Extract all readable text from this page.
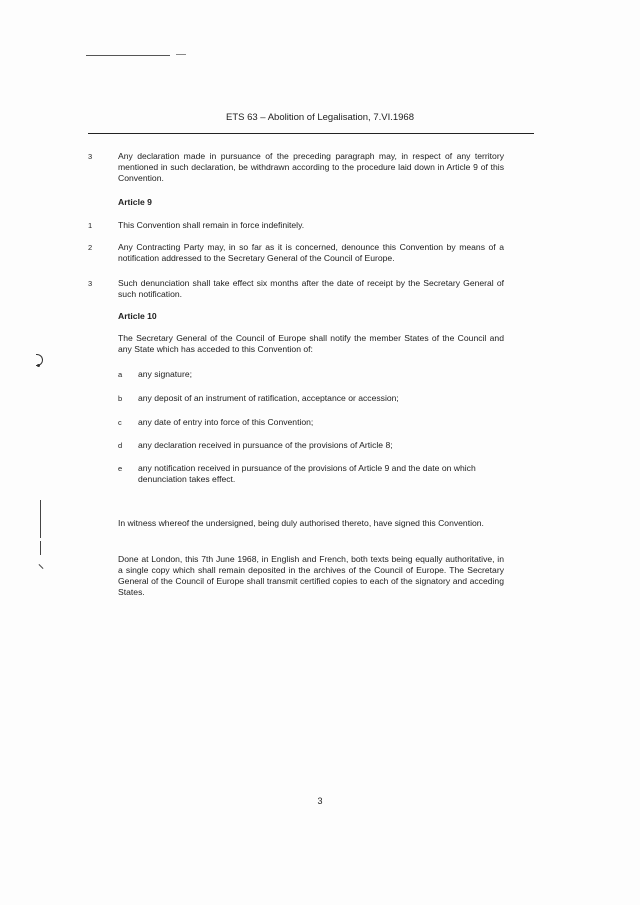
ETS 63 – Abolition of Legalisation, 7.VI.1968
3	Any declaration made in pursuance of the preceding paragraph may, in respect of any territory mentioned in such declaration, be withdrawn according to the procedure laid down in Article 9 of this Convention.
Article 9
1	This Convention shall remain in force indefinitely.
2	Any Contracting Party may, in so far as it is concerned, denounce this Convention by means of a notification addressed to the Secretary General of the Council of Europe.
3	Such denunciation shall take effect six months after the date of receipt by the Secretary General of such notification.
Article 10
The Secretary General of the Council of Europe shall notify the member States of the Council and any State which has acceded to this Convention of:
a any signature;
b any deposit of an instrument of ratification, acceptance or accession;
c any date of entry into force of this Convention;
d any declaration received in pursuance of the provisions of Article 8;
e any notification received in pursuance of the provisions of Article 9 and the date on which denunciation takes effect.
In witness whereof the undersigned, being duly authorised thereto, have signed this Convention.
Done at London, this 7th June 1968, in English and French, both texts being equally authoritative, in a single copy which shall remain deposited in the archives of the Council of Europe. The Secretary General of the Council of Europe shall transmit certified copies to each of the signatory and acceding States.
3
